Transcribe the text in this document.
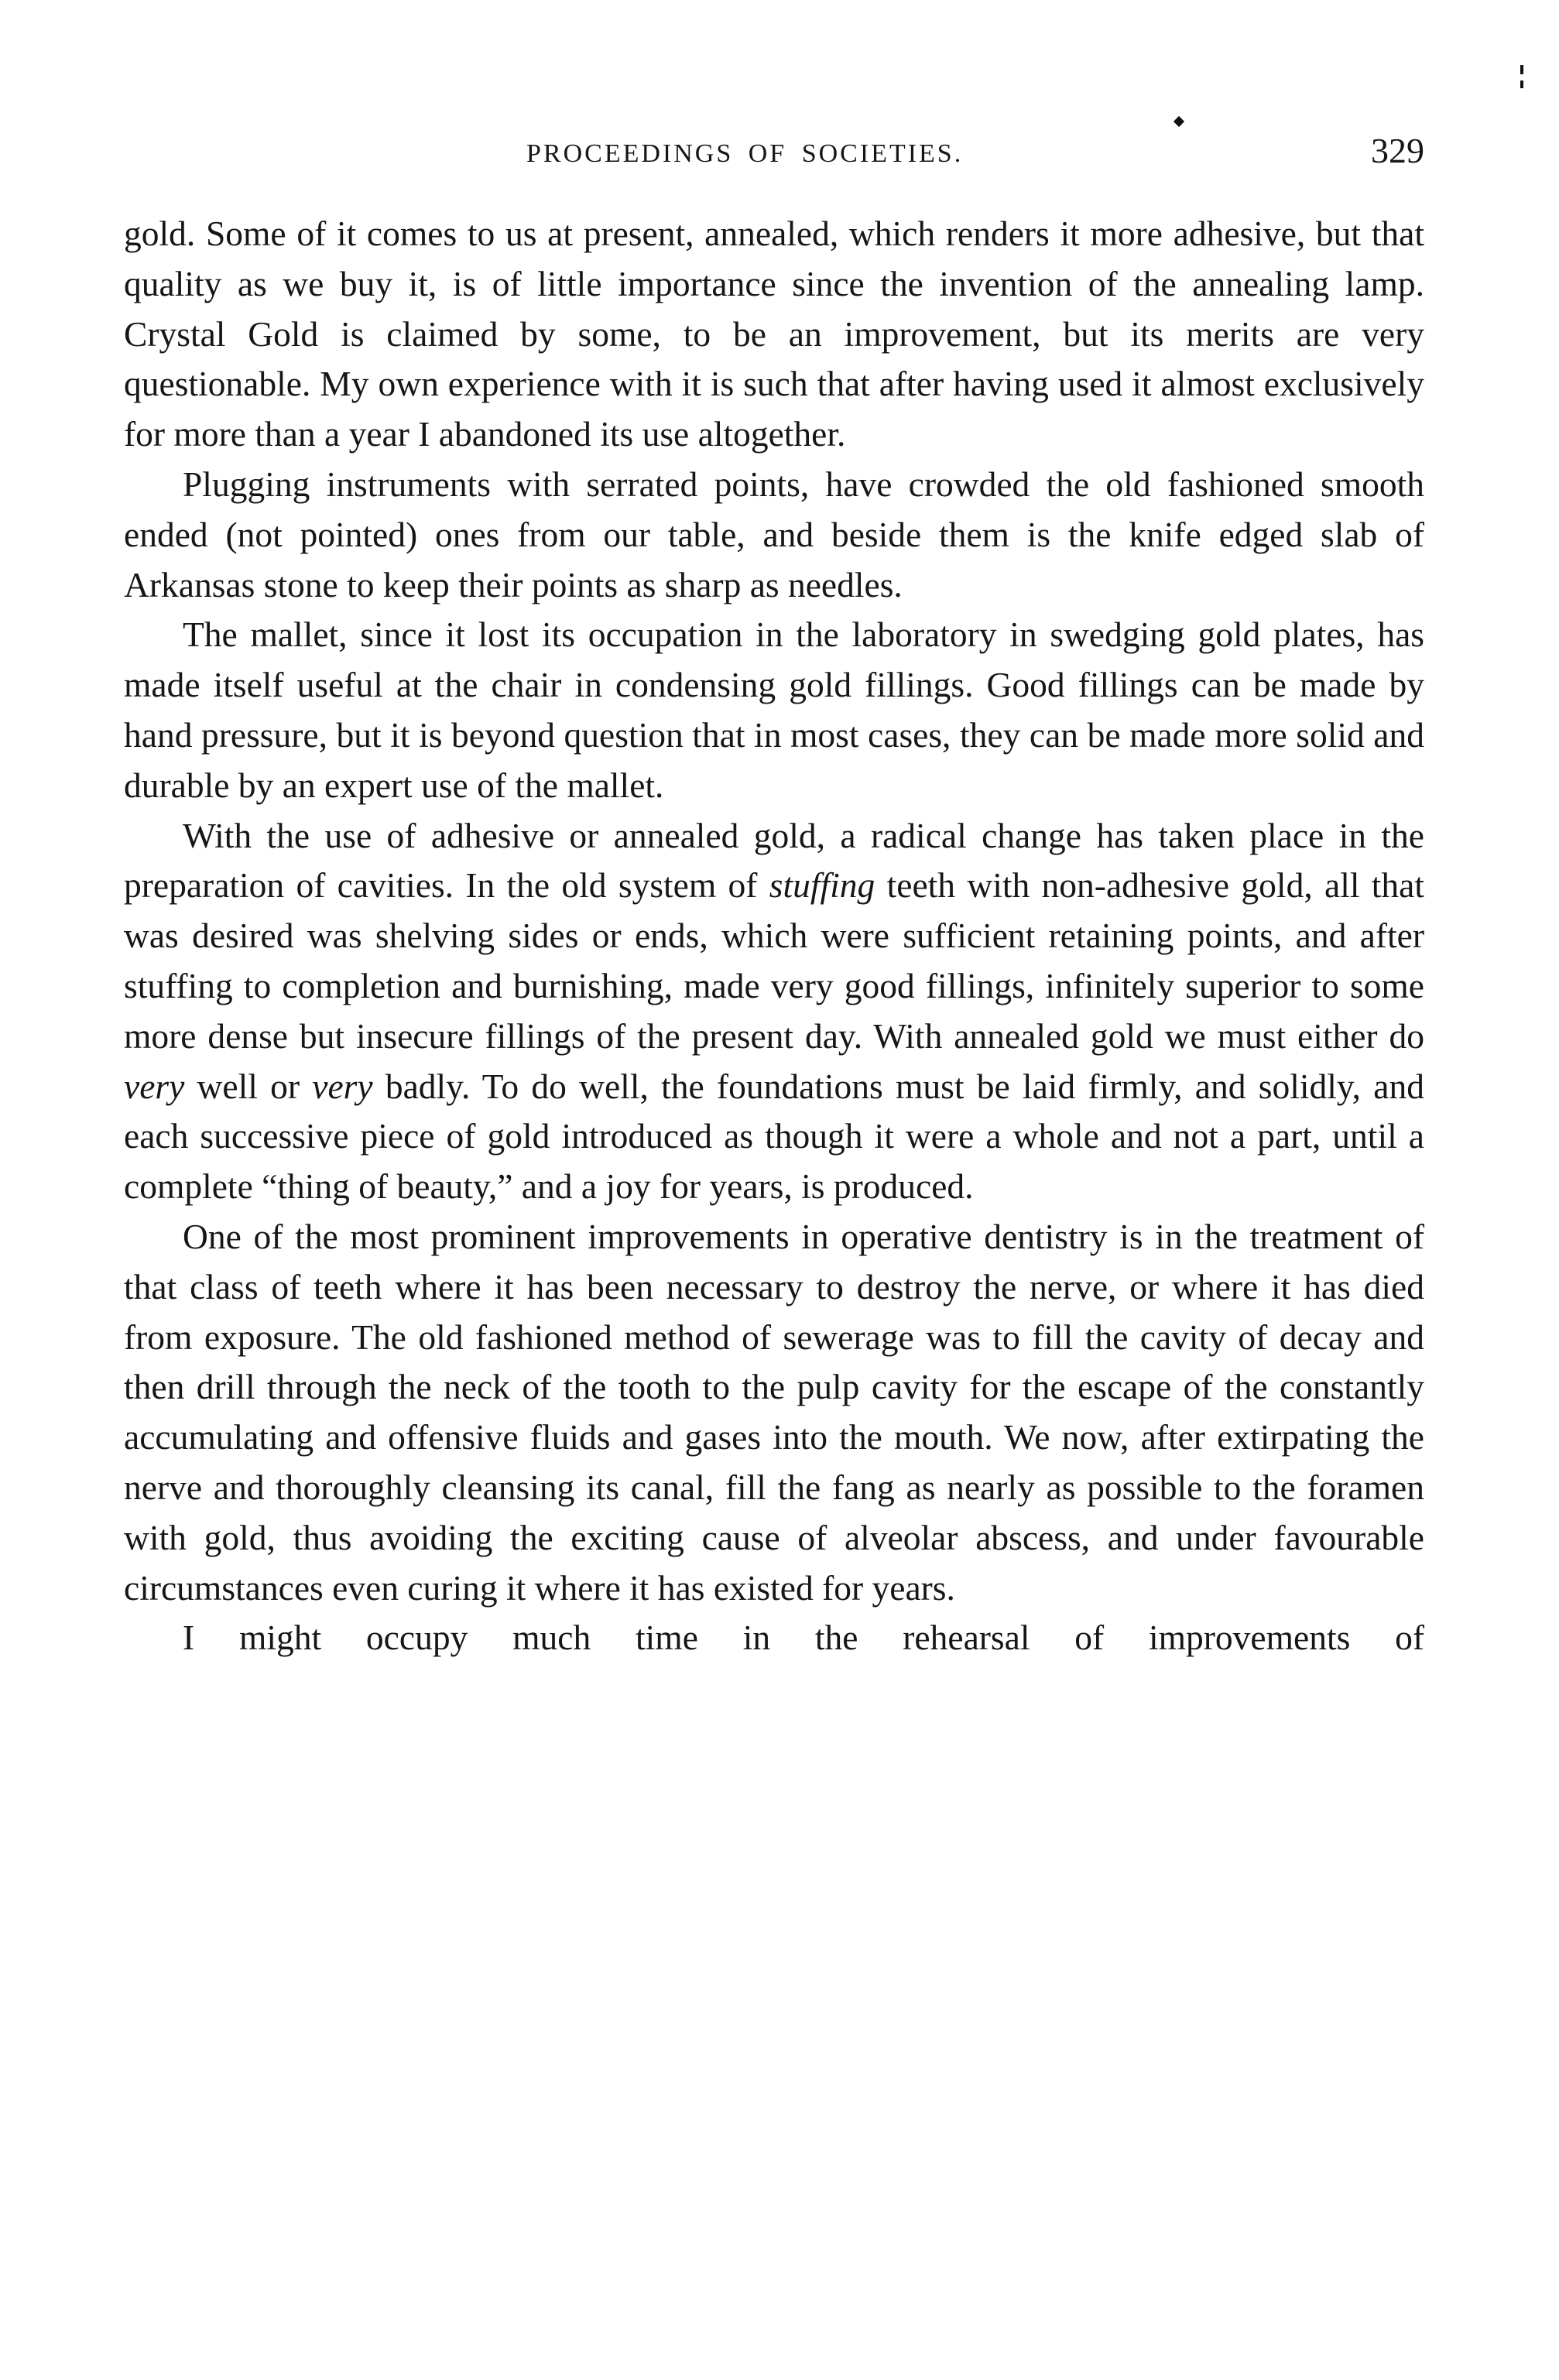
PROCEEDINGS OF SOCIETIES.	329

gold. Some of it comes to us at present, annealed, which renders it more adhesive, but that quality as we buy it, is of little importance since the invention of the annealing lamp. Crystal Gold is claimed by some, to be an improvement, but its merits are very questionable. My own experience with it is such that after having used it almost exclusively for more than a year I abandoned its use altogether.

Plugging instruments with serrated points, have crowded the old fashioned smooth ended (not pointed) ones from our table, and beside them is the knife edged slab of Arkansas stone to keep their points as sharp as needles.

The mallet, since it lost its occupation in the laboratory in swedging gold plates, has made itself useful at the chair in condensing gold fillings. Good fillings can be made by hand pressure, but it is beyond question that in most cases, they can be made more solid and durable by an expert use of the mallet.

With the use of adhesive or annealed gold, a radical change has taken place in the preparation of cavities. In the old system of stuffing teeth with non-adhesive gold, all that was desired was shelving sides or ends, which were sufficient retaining points, and after stuffing to completion and burnishing, made very good fillings, infinitely superior to some more dense but insecure fillings of the present day. With annealed gold we must either do very well or very badly. To do well, the foundations must be laid firmly, and solidly, and each successive piece of gold introduced as though it were a whole and not a part, until a complete “thing of beauty,” and a joy for years, is produced.

One of the most prominent improvements in operative dentistry is in the treatment of that class of teeth where it has been necessary to destroy the nerve, or where it has died from exposure. The old fashioned method of sewerage was to fill the cavity of decay and then drill through the neck of the tooth to the pulp cavity for the escape of the constantly accumulating and offensive fluids and gases into the mouth. We now, after extirpating the nerve and thoroughly cleansing its canal, fill the fang as nearly as possible to the foramen with gold, thus avoiding the exciting cause of alveolar abscess, and under favourable circumstances even curing it where it has existed for years.

I might occupy much time in the rehearsal of improvements of
